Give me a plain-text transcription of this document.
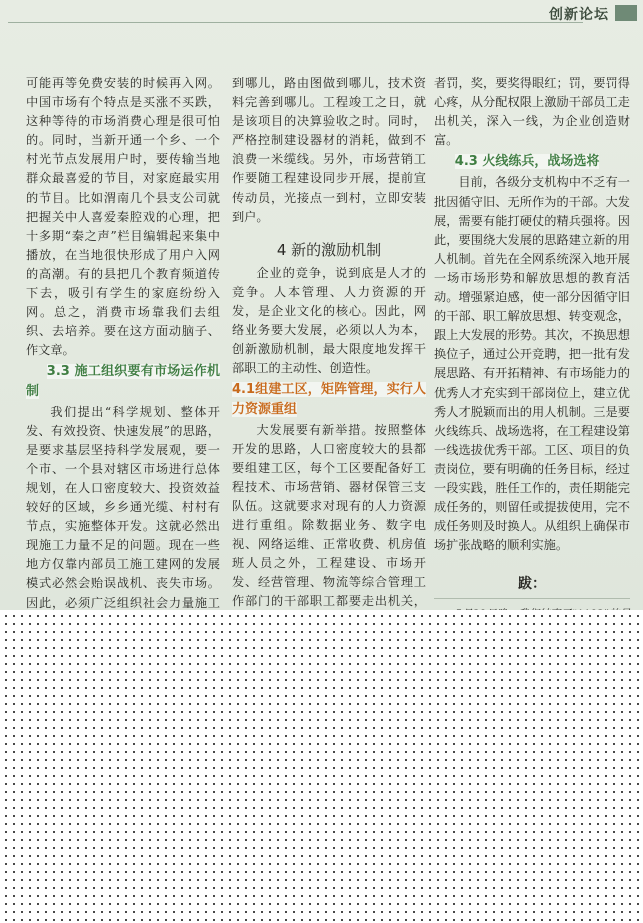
创新论坛

可能再等免费安装的时候再入网。中国市场有个特点是买涨不买跌，这种等待的市场消费心理是很可怕的。同时，当新开通一个乡、一个村光节点发展用户时，要传输当地群众最喜爱的节目，对家庭最实用的节目。比如渭南几个县支公司就把握关中人喜爱秦腔戏的心理，把十多期“秦之声”栏目编辑起来集中播放，在当地很快形成了用户入网的高潮。有的县把几个教育频道传下去，吸引有学生的家庭纷纷入网。总之，消费市场靠我们去组织、去培养。要在这方面动脑子、作文章。

3.3 施工组织要有市场运作机制

我们提出“科学规划、整体开发、有效投资、快速发展”的思路，是要求基层坚持科学发展观，要一个市、一个县对辖区市场进行总体规划，在人口密度较大、投资效益较好的区域，乡乡通光缆、村村有节点，实施整体开发。这就必然出现施工力量不足的问题。现在一些地方仅靠内部员工施工建网的发展模式必然会贻误战机、丧失市场。因此，必须广泛组织社会力量施工

到哪儿，路由图做到哪儿，技术资料完善到哪儿。工程竣工之日，就是该项目的决算验收之时。同时，严格控制建设器材的消耗，做到不浪费一米缆线。另外，市场营销工作要随工程建设同步开展，提前宣传动员，光接点一到村，立即安装到户。

4 新的激励机制

企业的竞争，说到底是人才的竞争。人本管理、人力资源的开发，是企业文化的核心。因此，网络业务要大发展，必须以人为本，创新激励机制，最大限度地发挥干部职工的主动性、创造性。

4.1组建工区，矩阵管理，实行人力资源重组

大发展要有新举措。按照整体开发的思路，人口密度较大的县都要组建工区，每个工区要配备好工程技术、市场营销、器材保管三支队伍。这就要求对现有的人力资源进行重组。除数据业务、数字电视、网络运维、正常收费、机房值班人员之外，工程建设、市场开发、经营管理、物流等综合管理工作部门的干部职工都要走出机关，

者罚，奖，要奖得眼红；罚，要罚得心疼，从分配权限上激励干部员工走出机关，深入一线，为企业创造财富。

4.3 火线练兵，战场选将

目前，各级分支机构中不乏有一批因循守旧、无所作为的干部。大发展，需要有能打硬仗的精兵强将。因此，要围绕大发展的思路建立新的用人机制。首先在全网系统深入地开展一场市场形势和解放思想的教育活动。增强紧迫感，使一部分因循守旧的干部、职工解放思想、转变观念，跟上大发展的形势。其次，不换思想换位子，通过公开竞聘，把一批有发展思路、有开拓精神、有市场能力的优秀人才充实到干部岗位上，建立优秀人才脱颖而出的用人机制。三是要火线练兵、战场选将，在工程建设第一线选拔优秀干部。工区、项目的负责岗位，要有明确的任务目标，经过一段实践，胜任工作的，责任期能完成任务的，则留任或提拔使用，完不成任务则及时换人。从组织上确保市场扩张战略的顺利实施。

跋：
